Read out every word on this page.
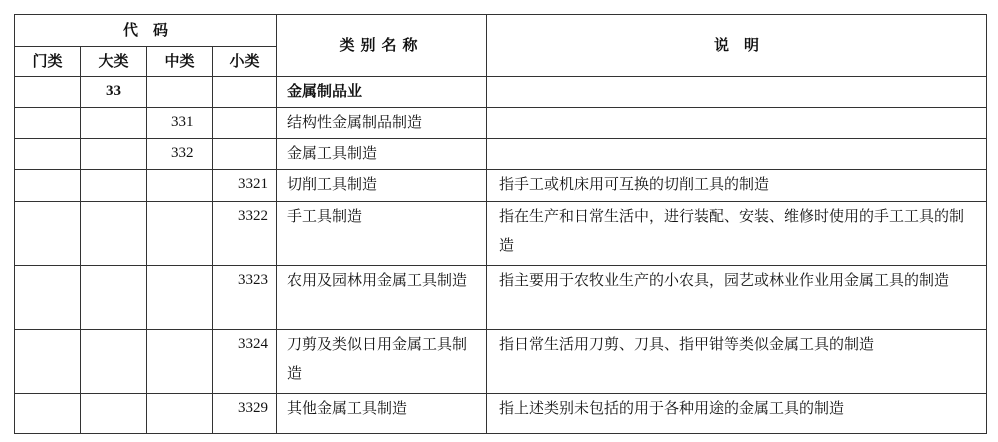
代　码				类别名称	说　明
门类	大类	中类	小类		
	33			金属制品业	
		331		结构性金属制品制造	
		332		金属工具制造	
			3321	切削工具制造	指手工或机床用可互换的切削工具的制造
			3322	手工具制造	指在生产和日常生活中，进行装配、安装、维修时使用的手工工具的制造
			3323	农用及园林用金属工具制造	指主要用于农牧业生产的小农具，园艺或林业作业用金属工具的制造
			3324	刀剪及类似日用金属工具制造	指日常生活用刀剪、刀具、指甲钳等类似金属工具的制造
			3329	其他金属工具制造	指上述类别未包括的用于各种用途的金属工具的制造
